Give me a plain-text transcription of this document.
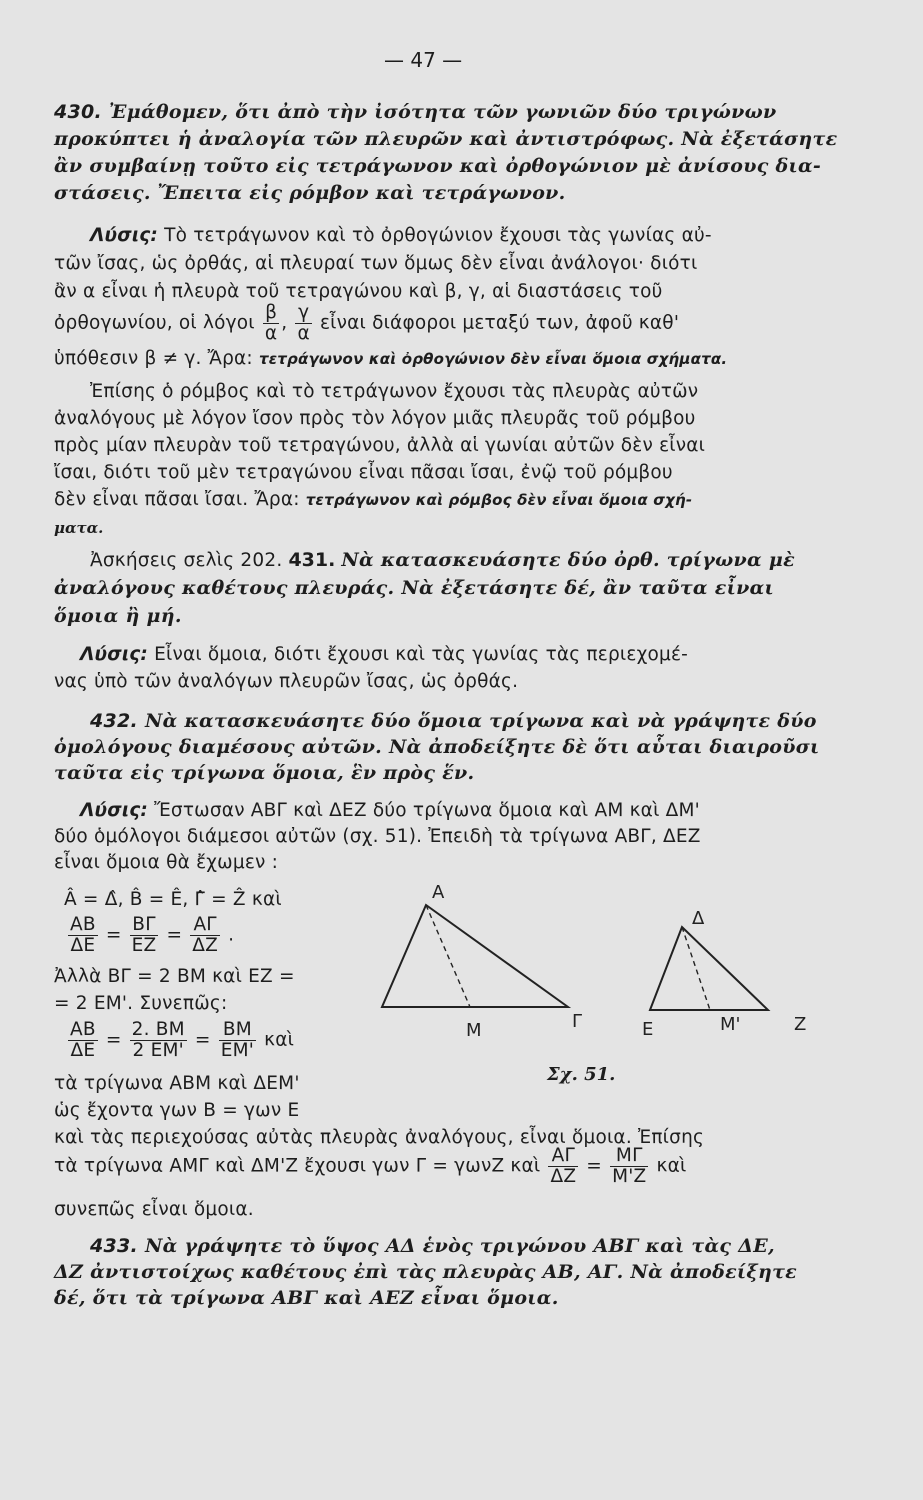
— 47 —
430. Ἐμάθομεν, ὅτι ἀπὸ τὴν ἰσότητα τῶν γωνιῶν δύο τριγώνων
προκύπτει ἡ ἀναλογία τῶν πλευρῶν καὶ ἀντιστρόφως. Νὰ ἐξετάσητε
ἂν συμβαίνῃ τοῦτο εἰς τετράγωνον καὶ ὀρθογώνιον μὲ ἀνίσους δια-
στάσεις. Ἔπειτα εἰς ρόμβον καὶ τετράγωνον.
Λύσις: Τὸ τετράγωνον καὶ τὸ ὀρθογώνιον ἔχουσι τὰς γωνίας αὐ-
τῶν ἴσας, ὡς ὀρθάς, αἱ πλευραί των ὅμως δὲν εἶναι ἀνάλογοι· διότι
ἂν α εἶναι ἡ πλευρὰ τοῦ τετραγώνου καὶ β, γ, αἱ διαστάσεις τοῦ
ὀρθογωνίου, οἱ λόγοι $\frac{\beta}{\alpha}$ , $\frac{\gamma}{\alpha}$ εἶναι διάφοροι μεταξύ των, ἀφοῦ καθ'
ὑπόθεσιν β ≠ γ. Ἄρα: τετράγωνον καὶ ὀρθογώνιον δὲν εἶναι ὅμοια σχήματα.
Ἐπίσης ὁ ρόμβος καὶ τὸ τετράγωνον ἔχουσι τὰς πλευρὰς αὐτῶν
ἀναλόγους μὲ λόγον ἴσον πρὸς τὸν λόγον μιᾶς πλευρᾶς τοῦ ρόμβου
πρὸς μίαν πλευρὰν τοῦ τετραγώνου, ἀλλὰ αἱ γωνίαι αὐτῶν δὲν εἶναι
ἴσαι, διότι τοῦ μὲν τετραγώνου εἶναι πᾶσαι ἴσαι, ἐνῷ τοῦ ρόμβου
δὲν εἶναι πᾶσαι ἴσαι. Ἄρα: τετράγωνον καὶ ρόμβος δὲν εἶναι ὅμοια σχή-
ματα.
Ἀσκήσεις σελὶς 202. 431. Νὰ κατασκευάσητε δύο ὀρθ. τρίγωνα μὲ
ἀναλόγους καθέτους πλευράς. Νὰ ἐξετάσητε δέ, ἂν ταῦτα εἶναι
ὅμοια ἢ μή.
Λύσις: Εἶναι ὅμοια, διότι ἔχουσι καὶ τὰς γωνίας τὰς περιεχομέ-
νας ὑπὸ τῶν ἀναλόγων πλευρῶν ἴσας, ὡς ὀρθάς.
432. Νὰ κατασκευάσητε δύο ὅμοια τρίγωνα καὶ νὰ γράψητε δύο
ὁμολόγους διαμέσους αὐτῶν. Νὰ ἀποδείξητε δὲ ὅτι αὗται διαιροῦσι
ταῦτα εἰς τρίγωνα ὅμοια, ἓν πρὸς ἕν.
Λύσις: Ἔστωσαν ΑΒΓ καὶ ΔΕΖ δύο τρίγωνα ὅμοια καὶ ΑΜ καὶ ΔΜ'
δύο ὁμόλογοι διάμεσοι αὐτῶν (σχ. 51). Ἐπειδὴ τὰ τρίγωνα ΑΒΓ, ΔΕΖ
εἶναι ὅμοια θὰ ἔχωμεν :
Â = Δ̂, B̂ = Ê, Γ̂ = Ẑ καὶ
$\frac{AB}{\Delta E} = \frac{B\Gamma}{EZ} = \frac{A\Gamma}{\Delta Z}$ .
Ἀλλὰ ΒΓ = 2 ΒΜ καὶ ΕΖ =
= 2 ΕΜ'. Συνεπῶς:
$\frac{AB}{\Delta E} = \frac{2. BM}{2 EM'} = \frac{BM}{EM'}$ καὶ
τὰ τρίγωνα ΑΒΜ καὶ ΔΕΜ'
ὡς ἔχοντα γων Β = γων Ε
καὶ τὰς περιεχούσας αὐτὰς πλευρὰς ἀναλόγους, εἶναι ὅμοια. Ἐπίσης
τὰ τρίγωνα ΑΜΓ καὶ ΔΜ'Ζ ἔχουσι γων Γ = γωνΖ καὶ $\frac{A\Gamma}{\Delta Z} = \frac{M\Gamma}{M'Z}$ καὶ
συνεπῶς εἶναι ὅμοια.
Α
Μ	Γ
Δ
Ε	Μ'	Ζ
Σχ. 51.
433. Νὰ γράψητε τὸ ὕψος ΑΔ ἑνὸς τριγώνου ΑΒΓ καὶ τὰς ΔΕ,
ΔΖ ἀντιστοίχως καθέτους ἐπὶ τὰς πλευρὰς ΑΒ, ΑΓ. Νὰ ἀποδείξητε
δέ, ὅτι τὰ τρίγωνα ΑΒΓ καὶ ΑΕΖ εἶναι ὅμοια.
